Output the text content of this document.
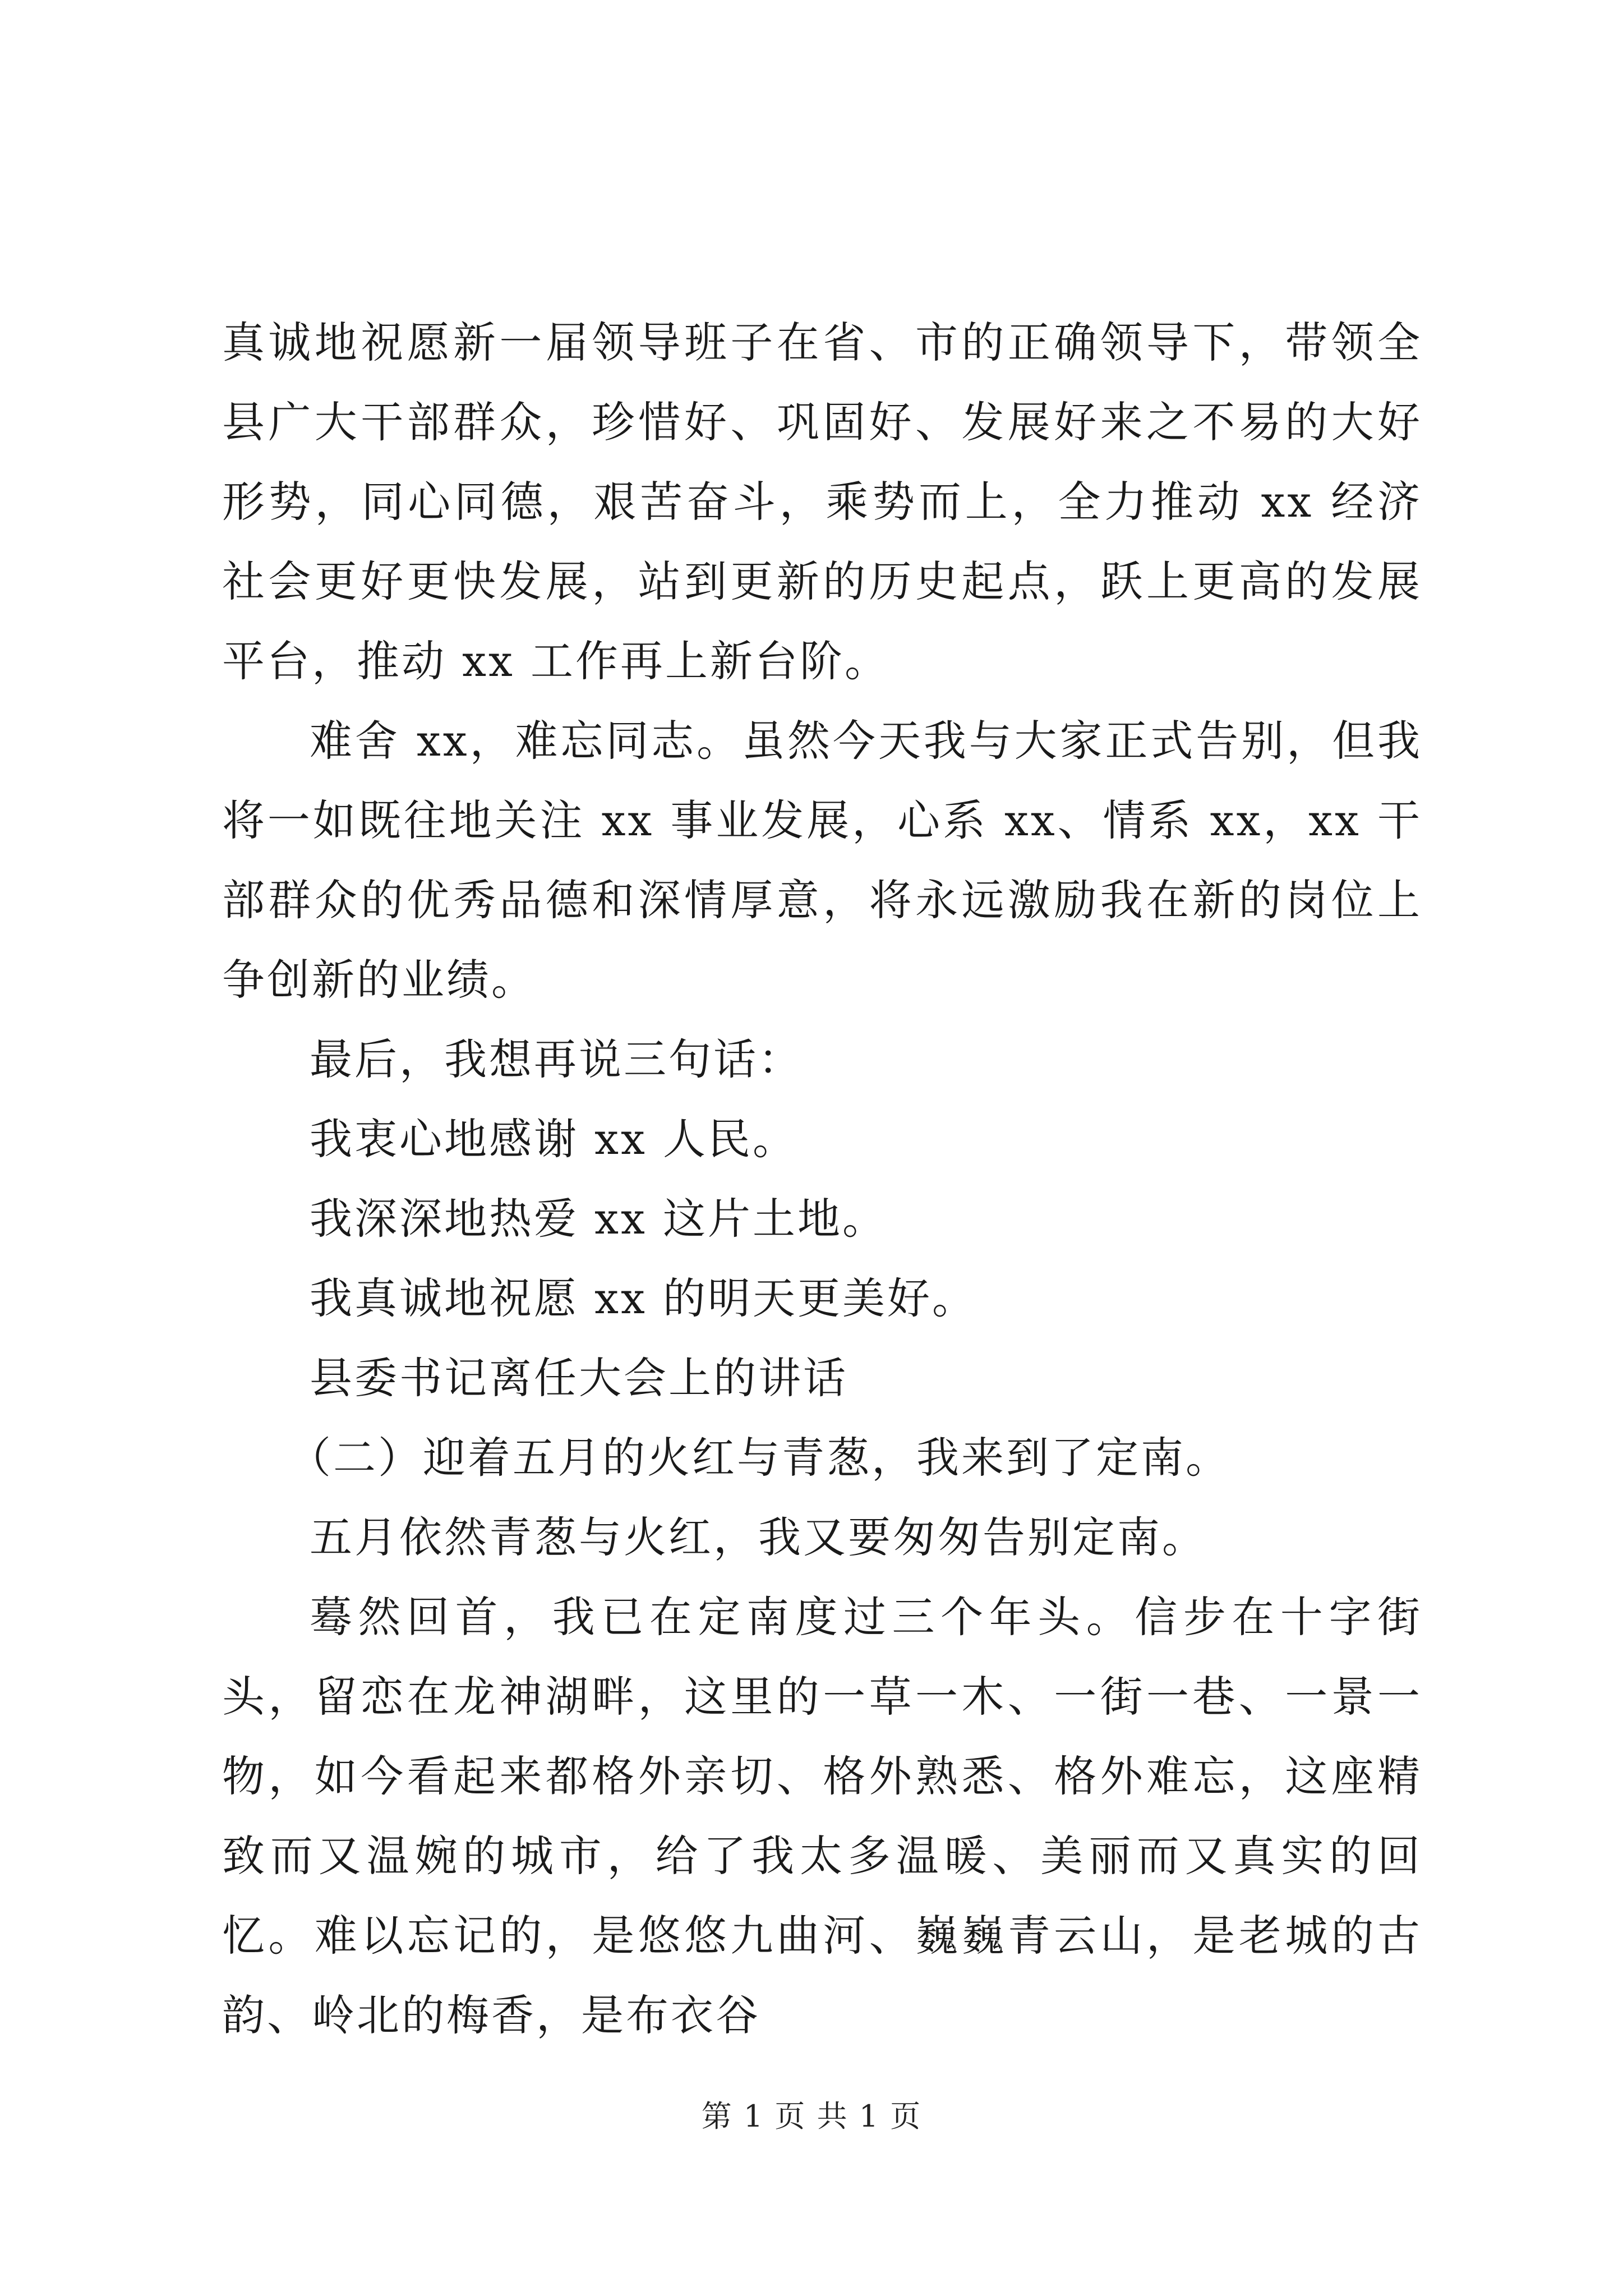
真诚地祝愿新一届领导班子在省、市的正确领导下，带领全县广大干部群众，珍惜好、巩固好、发展好来之不易的大好形势，同心同德，艰苦奋斗，乘势而上，全力推动 xx 经济社会更好更快发展，站到更新的历史起点，跃上更高的发展平台，推动 xx 工作再上新台阶。

难舍 xx，难忘同志。虽然今天我与大家正式告别，但我将一如既往地关注 xx 事业发展，心系 xx、情系 xx，xx 干部群众的优秀品德和深情厚意，将永远激励我在新的岗位上争创新的业绩。

最后，我想再说三句话：

我衷心地感谢 xx 人民。

我深深地热爱 xx 这片土地。

我真诚地祝愿 xx 的明天更美好。

县委书记离任大会上的讲话

（二）迎着五月的火红与青葱，我来到了定南。

五月依然青葱与火红，我又要匆匆告别定南。

蓦然回首，我已在定南度过三个年头。信步在十字街头，留恋在龙神湖畔，这里的一草一木、一街一巷、一景一物，如今看起来都格外亲切、格外熟悉、格外难忘，这座精致而又温婉的城市，给了我太多温暖、美丽而又真实的回忆。难以忘记的，是悠悠九曲河、巍巍青云山，是老城的古韵、岭北的梅香，是布衣谷

第 1 页 共 1 页
